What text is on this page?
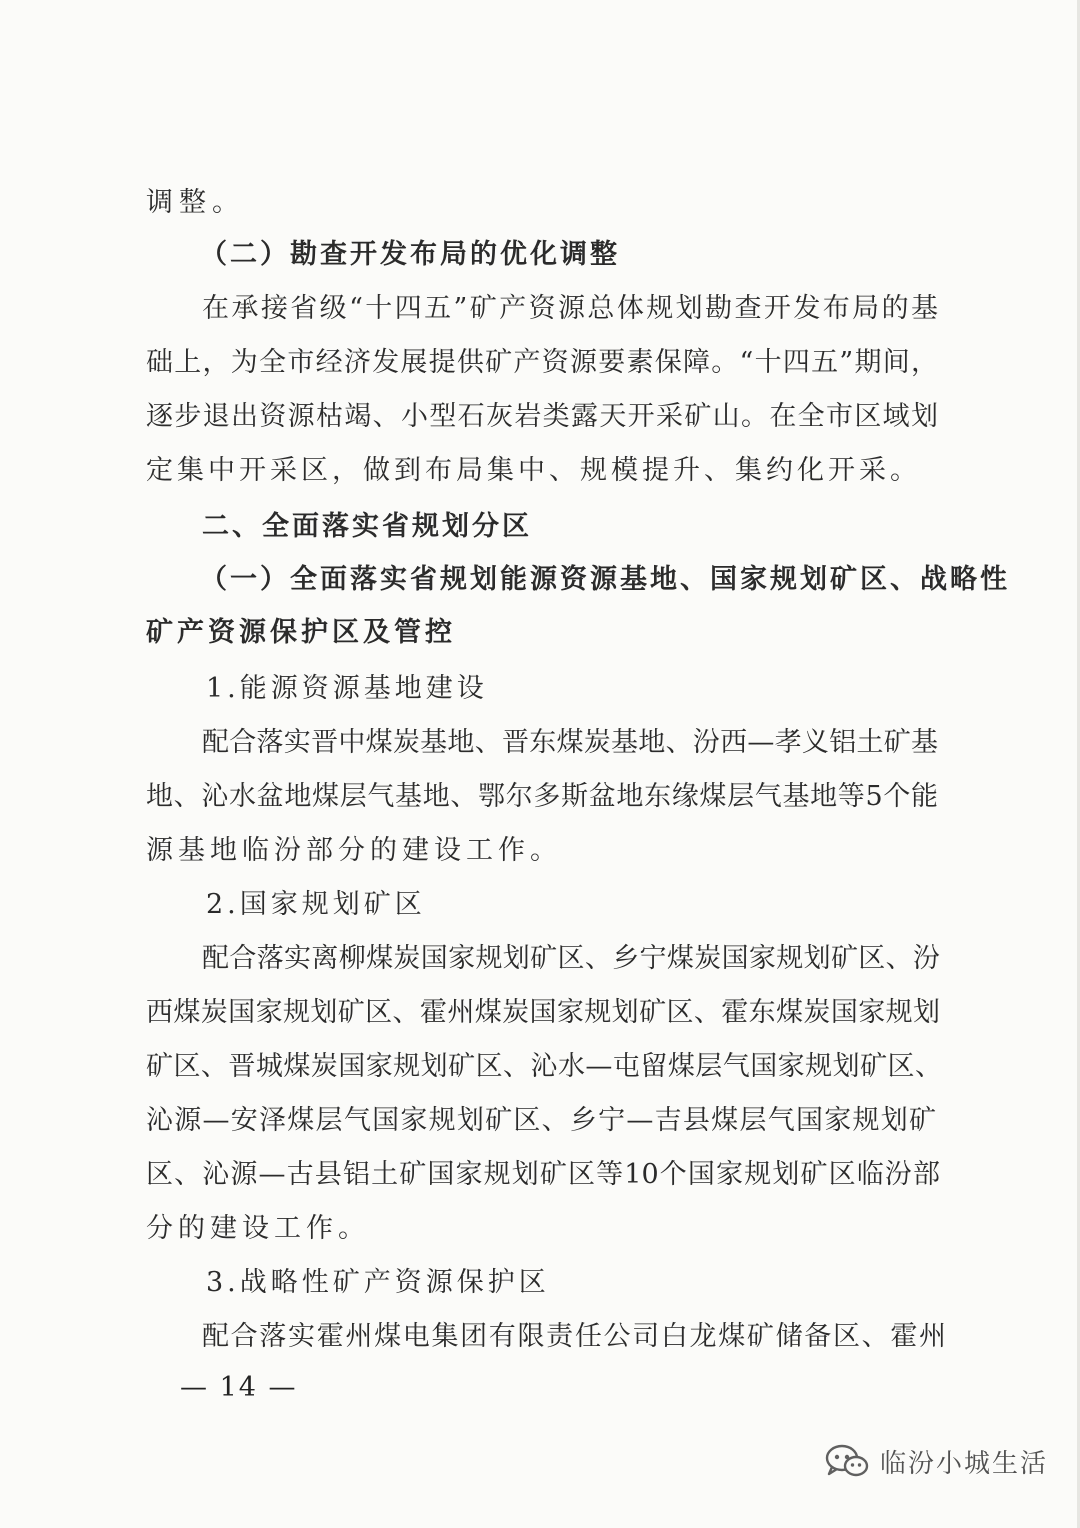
调整。
（二）勘查开发布局的优化调整
在承接省级“十四五”矿产资源总体规划勘查开发布局的基
础上，为全市经济发展提供矿产资源要素保障。“十四五”期间，
逐步退出资源枯竭、小型石灰岩类露天开采矿山。在全市区域划
定集中开采区，做到布局集中、规模提升、集约化开采。
二、全面落实省规划分区
（一）全面落实省规划能源资源基地、国家规划矿区、战略性
矿产资源保护区及管控
1.能源资源基地建设
配合落实晋中煤炭基地、晋东煤炭基地、汾西—孝义铝土矿基
地、沁水盆地煤层气基地、鄂尔多斯盆地东缘煤层气基地等5个能
源基地临汾部分的建设工作。
2.国家规划矿区
配合落实离柳煤炭国家规划矿区、乡宁煤炭国家规划矿区、汾
西煤炭国家规划矿区、霍州煤炭国家规划矿区、霍东煤炭国家规划
矿区、晋城煤炭国家规划矿区、沁水—屯留煤层气国家规划矿区、
沁源—安泽煤层气国家规划矿区、乡宁—吉县煤层气国家规划矿
区、沁源—古县铝土矿国家规划矿区等10个国家规划矿区临汾部
分的建设工作。
3.战略性矿产资源保护区
配合落实霍州煤电集团有限责任公司白龙煤矿储备区、霍州
— 14 —
临汾小城生活
